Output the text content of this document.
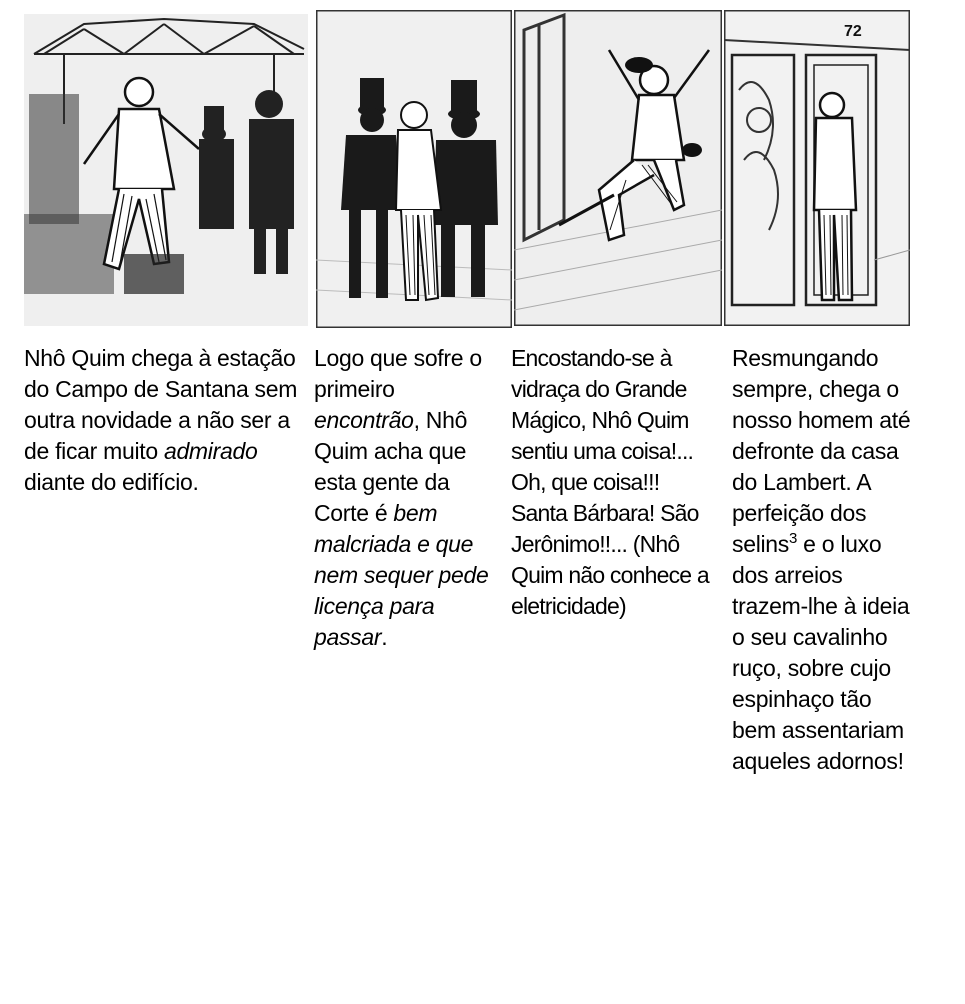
72

Nhô Quim chega à estação do Campo de Santana sem outra novidade a não ser a de ficar muito admirado diante do edifício.

Logo que sofre o primeiro encontrão, Nhô Quim acha que esta gente da Corte é bem malcriada e que nem sequer pede licença para passar.

Encostando-se à vidraça do Grande Mágico, Nhô Quim sentiu uma coisa!... Oh, que coisa!!! Santa Bárbara! São Jerônimo!!... (Nhô Quim não conhece a eletricidade)

Resmungando sempre, chega o nosso homem até defronte da casa do Lambert. A perfeição dos selins$^3$ e o luxo dos arreios trazem-lhe à ideia o seu cavalinho ruço, sobre cujo espinhaço tão bem assentariam aqueles adornos!
